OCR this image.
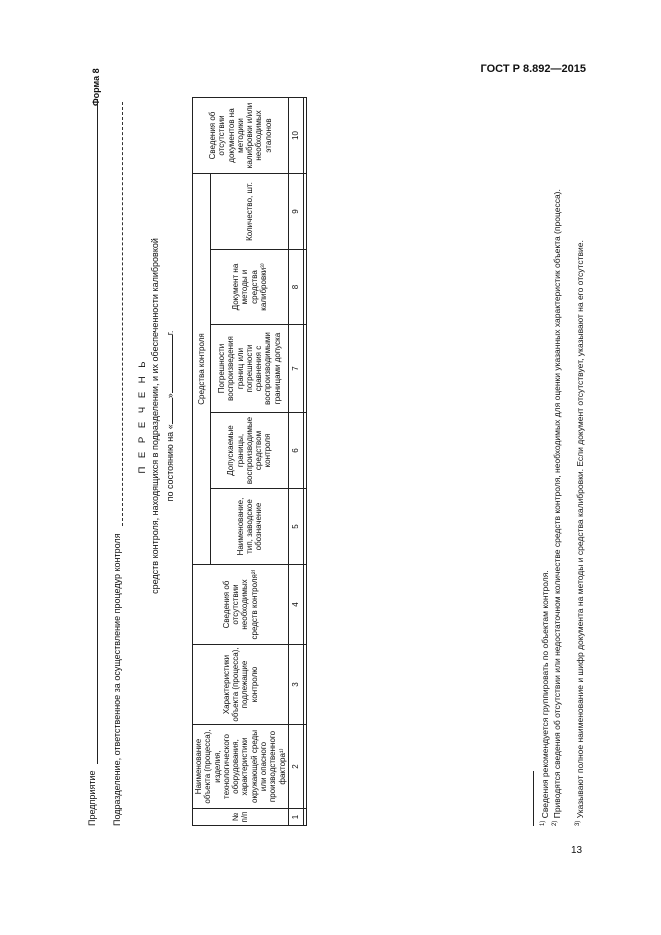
ГОСТ Р 8.892—2015
Форма 8
Предприятие Подразделение, ответственное за осуществление процедур контроля
П Е Р Е Ч Е Н Ь средств контроля, находящихся в подразделении, и их обеспеченности калибровкой по состоянию на «»г.
№ п/п	Наименование объекта (процесса), изделия, технологического оборудования, характеристики окружающей среды или опасного производственного фактора¹⁾	Характеристики объекта (процесса), подлежащие контролю	Сведения об отсутствии необходимых средств контроля²⁾	Средства контроля					Сведения об отсутствии документов на методики калибровки и/или необходимых эталонов
				Наименование, тип, заводское обозначение	Допускаемые границы, воспроизводимые средством контроля	Погрешности воспроизведения границ или погрешности сравнения с воспроизводимыми границами допуска	Документ на методы и средства калибровки³⁾	Количество, шт.	
1	2	3	4	5	6	7	8	9	10

$^{1)}$ Сведения рекомендуется группировать по объектам контроля.
$^{2)}$ Приводятся сведения об отсутствии или недостаточном количестве средств контроля, необходимых для оценки указанных характеристик объекта (процесса).
$^{3)}$ Указывают полное наименование и шифр документа на методы и средства калибровки. Если документ отсутствует, указывают на его отсутствие.
13
